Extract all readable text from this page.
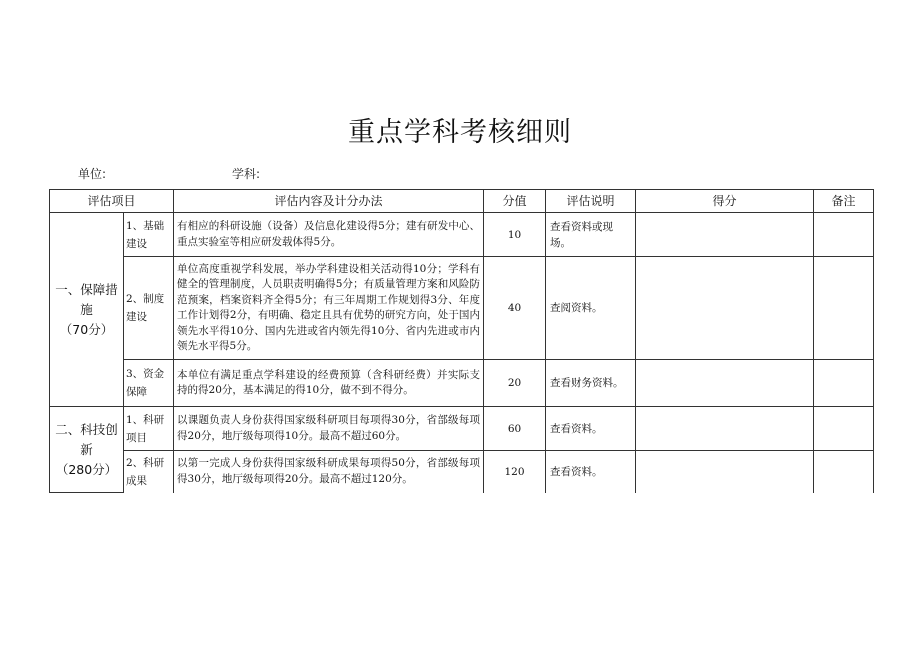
重点学科考核细则
单位:	学科:
评估项目		评估内容及计分办法	分值	评估说明	得分	备注

一、保障措施
（70分）	1、基础建设	有相应的科研设施（设备）及信息化建设得5分；建有研发中心、重点实验室等相应研发载体得5分。	10	查看资料或现场。		
	2、制度建设	单位高度重视学科发展，举办学科建设相关活动得10分；学科有健全的管理制度，人员职责明确得5分；有质量管理方案和风险防范预案，档案资料齐全得5分；有三年周期工作规划得3分、年度工作计划得2分，有明确、稳定且具有优势的研究方向，处于国内领先水平得10分、国内先进或省内领先得10分、省内先进或市内领先水平得5分。	40	查阅资料。		
	3、资金保障	本单位有满足重点学科建设的经费预算（含科研经费）并实际支持的得20分，基本满足的得10分，做不到不得分。	20	查看财务资料。		

二、科技创新
（280分）	1、科研项目	以课题负责人身份获得国家级科研项目每项得30分，省部级每项得20分，地厅级每项得10分。最高不超过60分。	60	查看资料。		
	2、科研成果	以第一完成人身份获得国家级科研成果每项得50分，省部级每项得30分，地厅级每项得20分。最高不超过120分。	120	查看资料。		
